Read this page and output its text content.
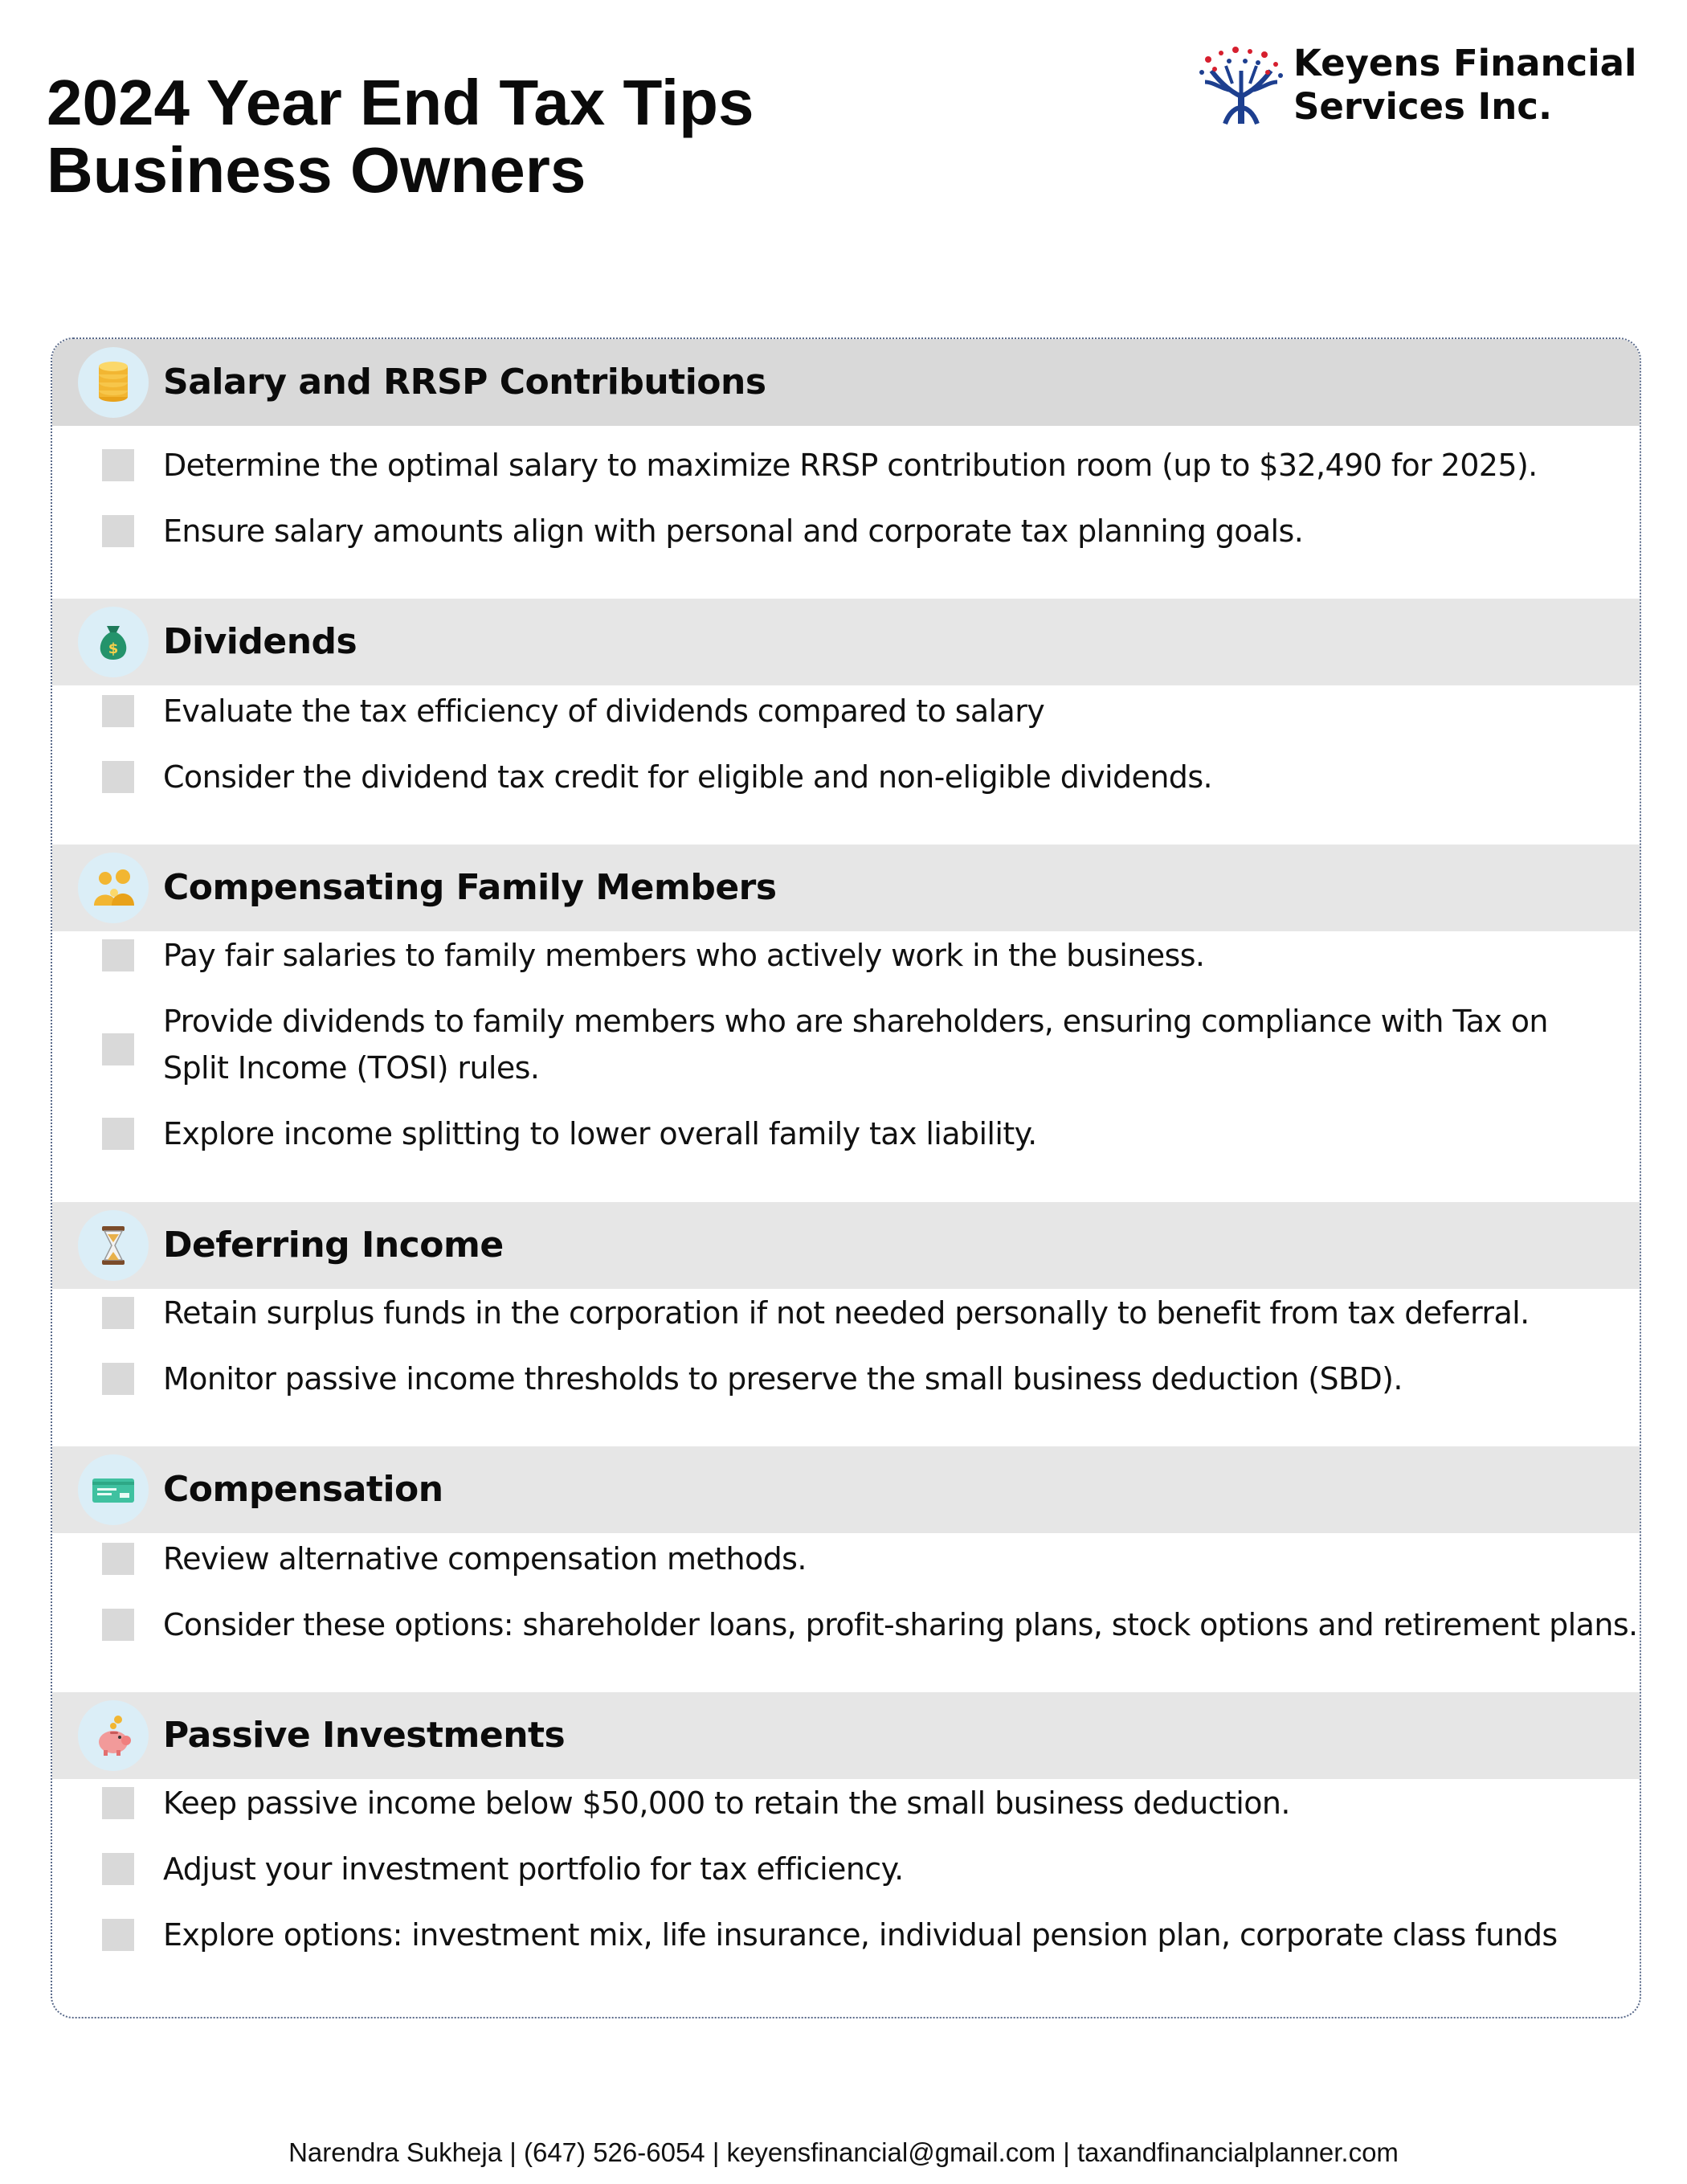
2024 Year End Tax Tips
Business Owners
Keyens Financial
Services Inc.
Salary and RRSP Contributions
Determine the optimal salary to maximize RRSP contribution room (up to $32,490 for 2025).
Ensure salary amounts align with personal and corporate tax planning goals.
$ Dividends
Evaluate the tax efficiency of dividends compared to salary
Consider the dividend tax credit for eligible and non-eligible dividends.
Compensating Family Members
Pay fair salaries to family members who actively work in the business.
Provide dividends to family members who are shareholders, ensuring compliance with Tax on Split Income (TOSI) rules.
Explore income splitting to lower overall family tax liability.
Deferring Income
Retain surplus funds in the corporation if not needed personally to benefit from tax deferral.
Monitor passive income thresholds to preserve the small business deduction (SBD).
Compensation
Review alternative compensation methods.
Consider these options: shareholder loans, profit-sharing plans, stock options and retirement plans.
Passive Investments
Keep passive income below $50,000 to retain the small business deduction.
Adjust your investment portfolio for tax efficiency.
Explore options: investment mix, life insurance, individual pension plan, corporate class funds
Narendra Sukheja | (647) 526-6054 | keyensfinancial@gmail.com | taxandfinancialplanner.com
